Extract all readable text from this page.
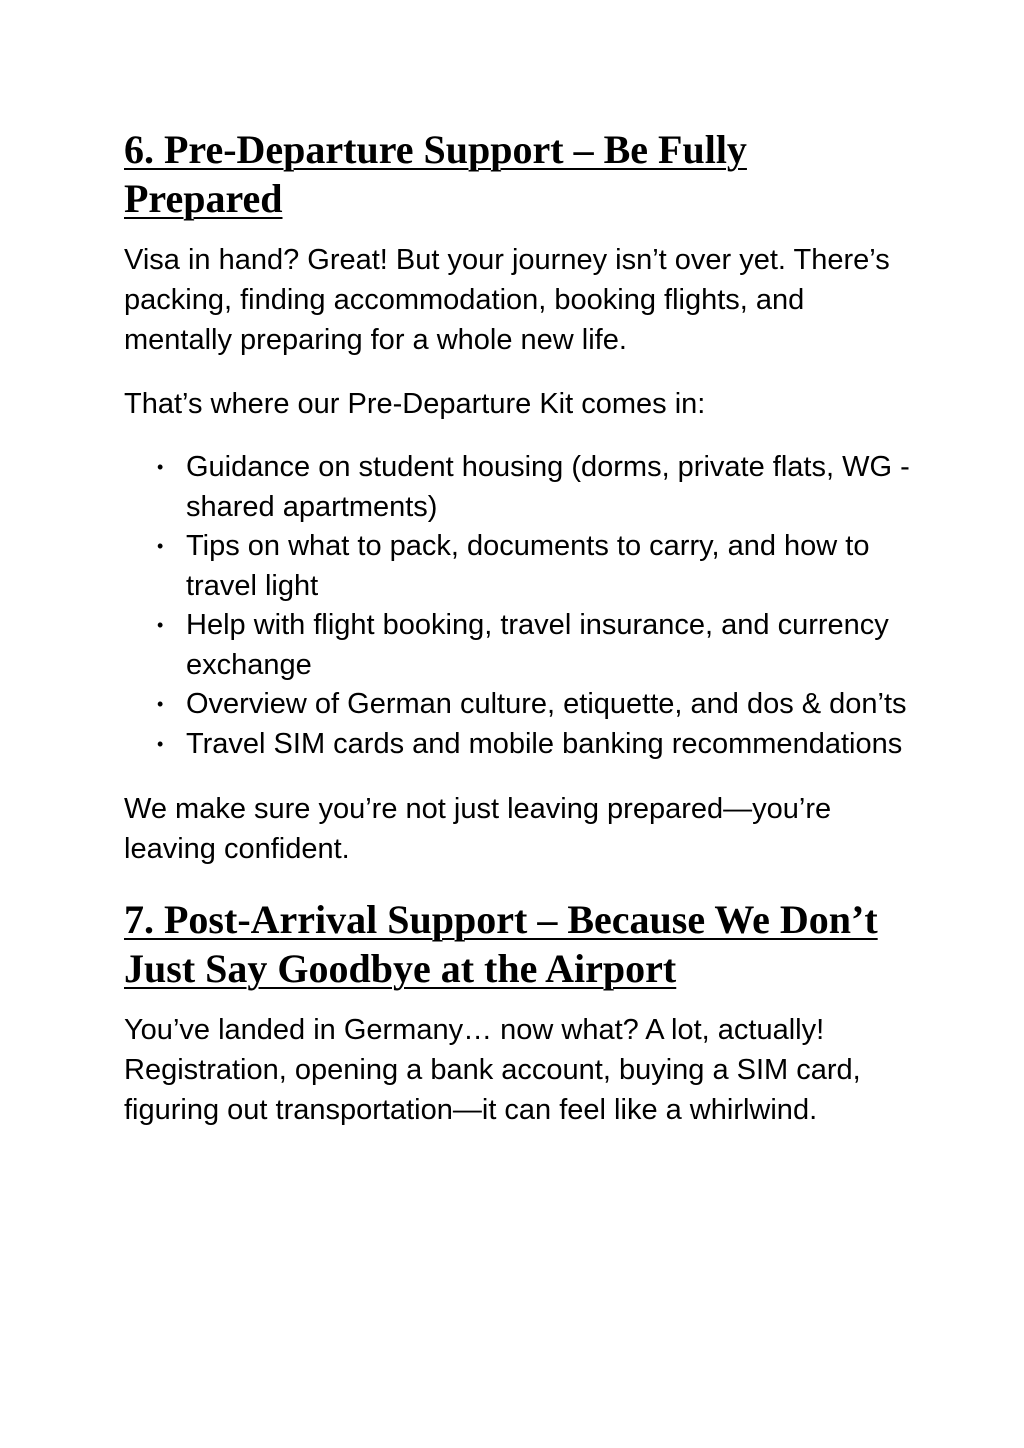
6. Pre-Departure Support – Be Fully Prepared

Visa in hand? Great! But your journey isn’t over yet. There’s packing, finding accommodation, booking flights, and mentally preparing for a whole new life.

That’s where our Pre-Departure Kit comes in:

• Guidance on student housing (dorms, private flats, WG - shared apartments)
• Tips on what to pack, documents to carry, and how to travel light
• Help with flight booking, travel insurance, and currency exchange
• Overview of German culture, etiquette, and dos & don’ts
• Travel SIM cards and mobile banking recommendations

We make sure you’re not just leaving prepared—you’re leaving confident.

7. Post-Arrival Support – Because We Don’t Just Say Goodbye at the Airport

You’ve landed in Germany… now what? A lot, actually! Registration, opening a bank account, buying a SIM card, figuring out transportation—it can feel like a whirlwind.
